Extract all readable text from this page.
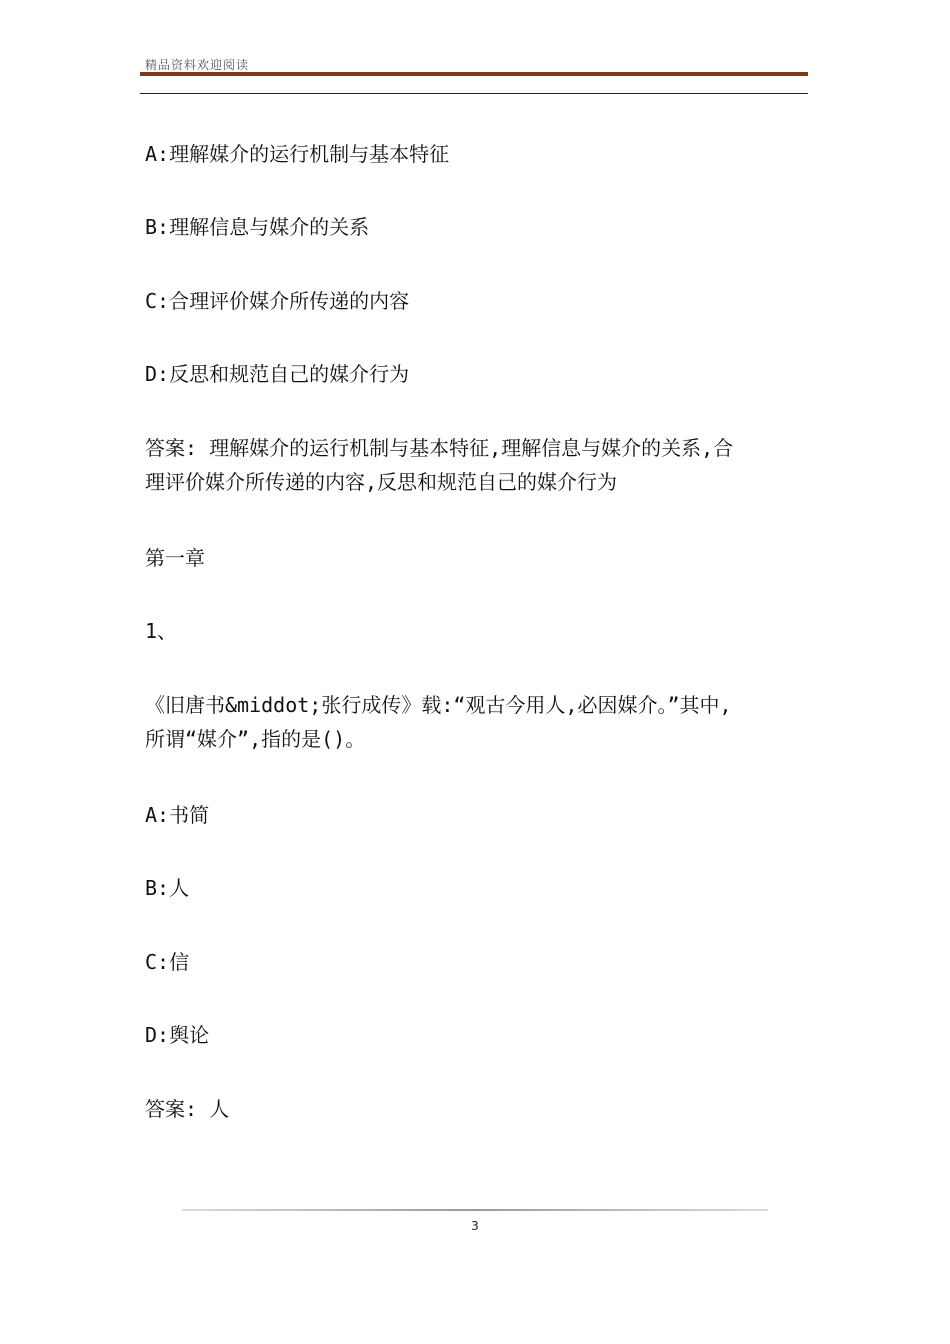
精品资料欢迎阅读
A:理解媒介的运行机制与基本特征
B:理解信息与媒介的关系
C:合理评价媒介所传递的内容
D:反思和规范自己的媒介行为
答案: 理解媒介的运行机制与基本特征,理解信息与媒介的关系,合
理评价媒介所传递的内容,反思和规范自己的媒介行为
第一章
1、
《旧唐书&middot;张行成传》载:“观古今用人,必因媒介。”其中,
所谓“媒介”,指的是()。
A:书简
B:人
C:信
D:舆论
答案: 人
3
